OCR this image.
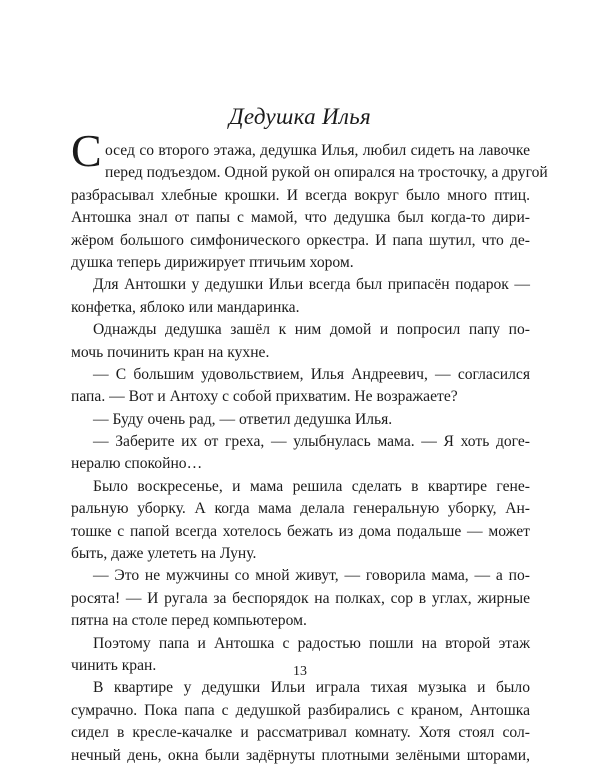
Дедушка Илья
С осед со второго этажа, дедушка Илья, любил сидеть на лавочке
перед подъездом. Одной рукой он опирался на тросточку, а другой
разбрасывал хлебные крошки. И всегда вокруг было много птиц.
Антошка знал от папы с мамой, что дедушка был когда-то дири-
жёром большого симфонического оркестра. И папа шутил, что де-
душка теперь дирижирует птичьим хором.
Для Антошки у дедушки Ильи всегда был припасён подарок —
конфетка, яблоко или мандаринка.
Однажды дедушка зашёл к ним домой и попросил папу по-
мочь починить кран на кухне.
— С большим удовольствием, Илья Андреевич, — согласился
папа. — Вот и Антоху с собой прихватим. Не возражаете?
— Буду очень рад, — ответил дедушка Илья.
— Заберите их от греха, — улыбнулась мама. — Я хоть доге-
нералю спокойно…
Было воскресенье, и мама решила сделать в квартире гене-
ральную уборку. А когда мама делала генеральную уборку, Ан-
тошке с папой всегда хотелось бежать из дома подальше — может
быть, даже улететь на Луну.
— Это не мужчины со мной живут, — говорила мама, — а по-
росята! — И ругала за беспорядок на полках, сор в углах, жирные
пятна на столе перед компьютером.
Поэтому папа и Антошка с радостью пошли на второй этаж
чинить кран.
В квартире у дедушки Ильи играла тихая музыка и было
сумрачно. Пока папа с дедушкой разбирались с краном, Антошка
сидел в кресле-качалке и рассматривал комнату. Хотя стоял сол-
нечный день, окна были задёрнуты плотными зелёными шторами,
13
